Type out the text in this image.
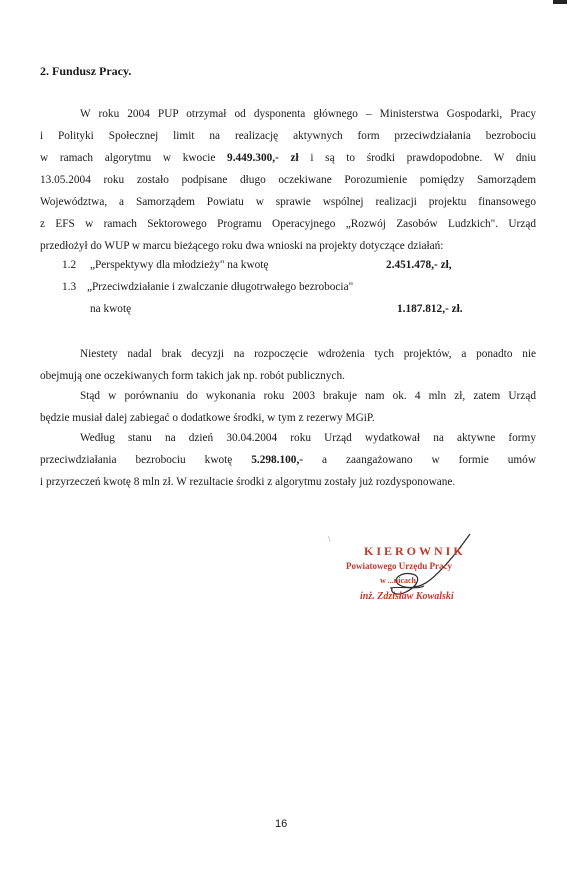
2. Fundusz Pracy.
W roku 2004 PUP otrzymał od dysponenta głównego – Ministerstwa Gospodarki, Pracy
i Polityki Społecznej limit na realizację aktywnych form przeciwdziałania bezrobociu
w ramach algorytmu w kwocie 9.449.300,- zł i są to środki prawdopodobne. W dniu
13.05.2004 roku zostało podpisane długo oczekiwane Porozumienie pomiędzy Samorządem
Województwa, a Samorządem Powiatu w sprawie wspólnej realizacji projektu finansowego
z EFS w ramach Sektorowego Programu Operacyjnego „Rozwój Zasobów Ludzkich". Urząd
przedłożył do WUP w marcu bieżącego roku dwa wnioski na projekty dotyczące działań:
1.2 „Perspektywy dla młodzieży" na kwotę	2.451.478,- zł,
1.3 „Przeciwdziałanie i zwalczanie długotrwałego bezrobocia"
na kwotę	1.187.812,- zł.
Niestety nadal brak decyzji na rozpoczęcie wdrożenia tych projektów, a ponadto nie
obejmują one oczekiwanych form takich jak np. robót publicznych.
Stąd w porównaniu do wykonania roku 2003 brakuje nam ok. 4 mln zł, zatem Urząd
będzie musiał dalej zabiegać o dodatkowe środki, w tym z rezerwy MGiP.
Według stanu na dzień 30.04.2004 roku Urząd wydatkował na aktywne formy
przeciwdziałania bezrobociu kwotę 5.298.100,- a zaangażowano w formie umów
i przyrzeczeń kwotę 8 mln zł. W rezultacie środki z algorytmu zostały już rozdysponowane.
KIEROWNIK
Powiatowego Urzędu Pracy
w ...nicach
inż. Zdzisław Kowalski
16
